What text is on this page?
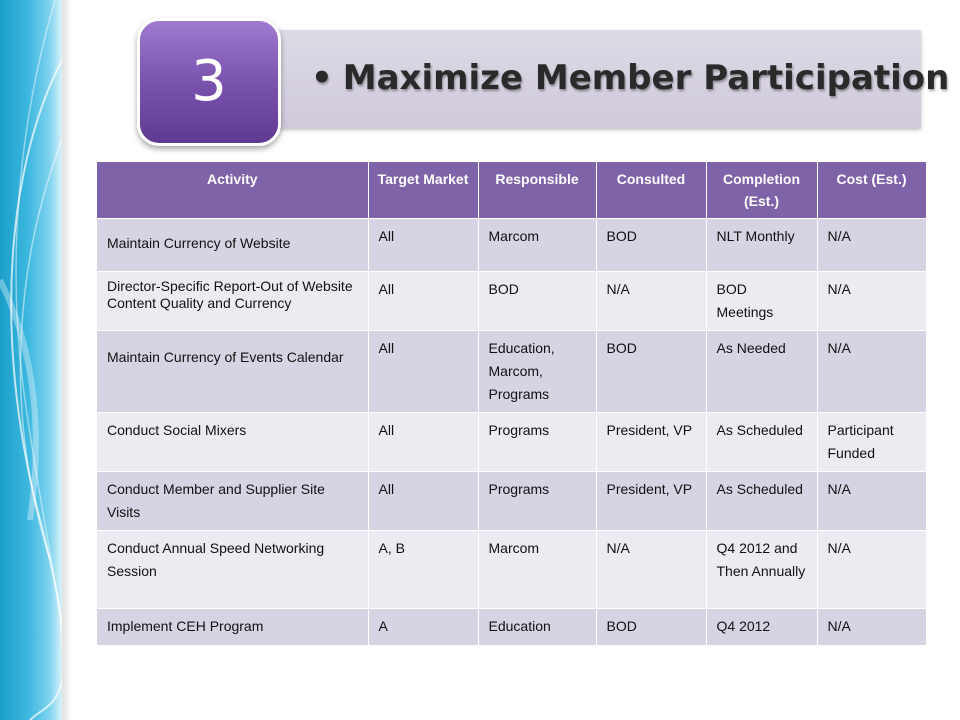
• Maximize Member Participation
3
Activity	Target Market	Responsible	Consulted	Completion (Est.)	Cost (Est.)
Maintain Currency of Website	All	Marcom	BOD	NLT Monthly	N/A
Director-Specific Report-Out of Website Content Quality and Currency	All	BOD	N/A	BOD Meetings	N/A
Maintain Currency of Events Calendar	All	Education, Marcom, Programs	BOD	As Needed	N/A
Conduct Social Mixers	All	Programs	President, VP	As Scheduled	Participant Funded
Conduct Member and Supplier Site Visits	All	Programs	President, VP	As Scheduled	N/A
Conduct Annual Speed Networking Session	A, B	Marcom	N/A	Q4 2012 and Then Annually	N/A
Implement CEH Program	A	Education	BOD	Q4 2012	N/A
